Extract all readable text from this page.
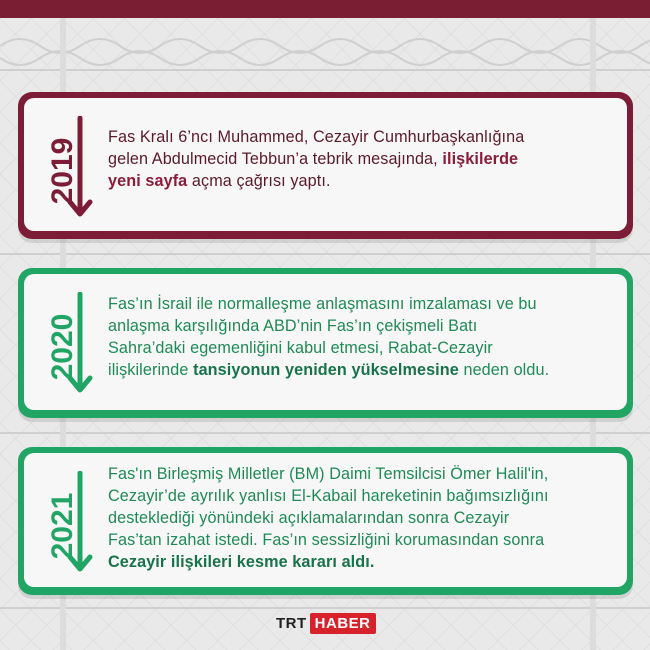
2019

Fas Kralı 6’ncı Muhammed, Cezayir Cumhurbaşkanlığına

gelen Abdulmecid Tebbun’a tebrik mesajında, ilişkilerde

yeni sayfa açma çağrısı yaptı.

2020

Fas’ın İsrail ile normalleşme anlaşmasını imzalaması ve bu

anlaşma karşılığında ABD’nin Fas’ın çekişmeli Batı

Sahra’daki egemenliğini kabul etmesi, Rabat-Cezayir

ilişkilerinde tansiyonun yeniden yükselmesine neden oldu.

2021

Fas'ın Birleşmiş Milletler (BM) Daimi Temsilcisi Ömer Halil'in,

Cezayir’de ayrılık yanlısı El-Kabail hareketinin bağımsızlığını

desteklediği yönündeki açıklamalarından sonra Cezayir

Fas’tan izahat istedi. Fas’ın sessizliğini korumasından sonra

Cezayir ilişkileri kesme kararı aldı.

TRT HABER
